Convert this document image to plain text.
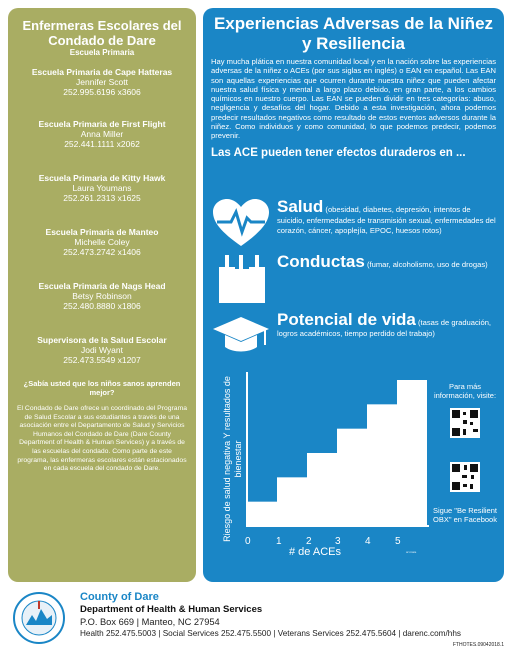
Enfermeras Escolares del Condado de Dare
Escuela Primaria
Escuela Primaria de Cape Hatteras
Jennifer Scott
252.995.6196 x3606
Escuela Primaria de First Flight
Anna Miller
252.441.1111 x2062
Escuela Primaria de Kitty Hawk
Laura Youmans
252.261.2313 x1625
Escuela Primaria de Manteo
Michelle Coley
252.473.2742 x1406
Escuela Primaria de Nags Head
Betsy Robinson
252.480.8880 x1806
Supervisora de la Salud Escolar
Jodi Wyant
252.473.5549 x1207
¿Sabía usted que los niños sanos aprenden mejor?
El Condado de Dare ofrece un coordinado del Programa de Salud Escolar a sus estudiantes a través de una asociación entre el Departamento de Salud y Servicios Humanos del Condado de Dare (Dare County Department of Health & Human Services) y a través de las escuelas del condado. Como parte de este programa, las enfermeras escolares están estacionados en cada escuela del condado de Dare.
Experiencias Adversas de la Niñez y Resiliencia
Hay mucha plática en nuestra comunidad local y en la nación sobre las experiencias adversas de la niñez o ACEs (por sus siglas en inglés) o EAN en español. Las EAN son aquellas experiencias que ocurren durante nuestra niñez que pueden afectar nuestra salud física y mental a largo plazo debido, en gran parte, a los cambios químicos en nuestro cuerpo. Las EAN se pueden dividir en tres categorías: abuso, negligencia y desafíos del hogar. Debido a esta investigación, ahora podemos predecir resultados negativos como resultado de estos eventos adversos durante la niñez. Como individuos y como comunidad, lo que podemos predecir, podemos prevenir.
Las ACE pueden tener efectos duraderos en ...
Salud (obesidad, diabetes, depresión, intentos de suicidio, enfermedades de transmisión sexual, enfermedades del corazón, cáncer, apoplejía, EPOC, huesos rotos)
Conductas (fumar, alcoholismo, uso de drogas)
Potencial de vida (tasas de graduación, logros académicos, tiempo perdido del trabajo)
Riesgo de salud negativa Y resultados de bienestar
0	1 2 3 4 5
or more
# de ACEs
Para más información, visite:
Sigue "Be Resilient OBX" en Facebook
County of Dare
Department of Health & Human Services
P.O. Box 669 | Manteo, NC 27954
Health 252.475.5003 | Social Services 252.475.5500 | Veterans Services 252.475.5604 | darenc.com/hhs
FTHOTES.09042018.1
